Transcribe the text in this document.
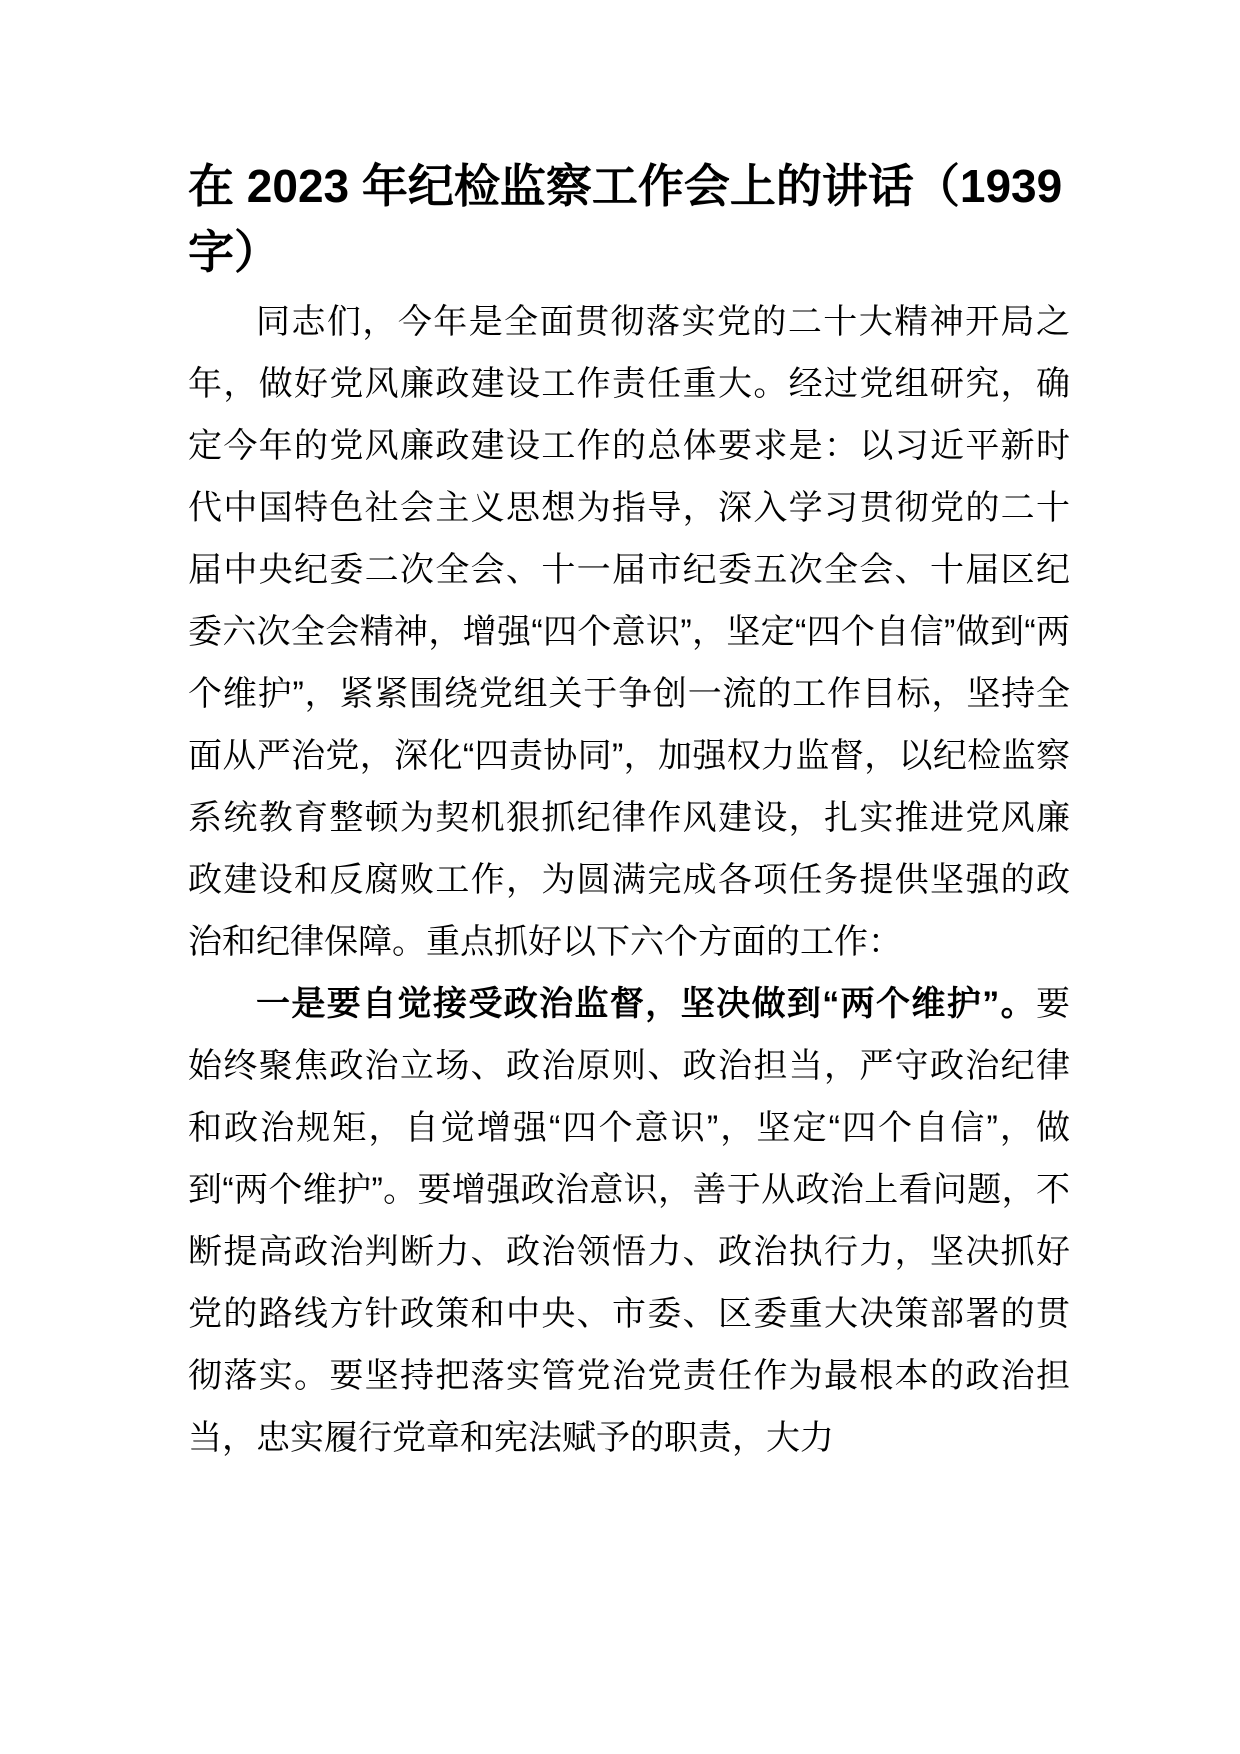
在 2023 年纪检监察工作会上的讲话（1939 字）

同志们，今年是全面贯彻落实党的二十大精神开局之年，做好党风廉政建设工作责任重大。经过党组研究，确定今年的党风廉政建设工作的总体要求是：以习近平新时代中国特色社会主义思想为指导，深入学习贯彻党的二十届中央纪委二次全会、十一届市纪委五次全会、十届区纪委六次全会精神，增强“四个意识”，坚定“四个自信”做到“两个维护”，紧紧围绕党组关于争创一流的工作目标，坚持全面从严治党，深化“四责协同”，加强权力监督，以纪检监察系统教育整顿为契机狠抓纪律作风建设，扎实推进党风廉政建设和反腐败工作，为圆满完成各项任务提供坚强的政治和纪律保障。重点抓好以下六个方面的工作：

一是要自觉接受政治监督，坚决做到“两个维护”。要始终聚焦政治立场、政治原则、政治担当，严守政治纪律和政治规矩，自觉增强“四个意识”，坚定“四个自信”，做到“两个维护”。要增强政治意识，善于从政治上看问题，不断提高政治判断力、政治领悟力、政治执行力，坚决抓好党的路线方针政策和中央、市委、区委重大决策部署的贯彻落实。要坚持把落实管党治党责任作为最根本的政治担当，忠实履行党章和宪法赋予的职责，大力
